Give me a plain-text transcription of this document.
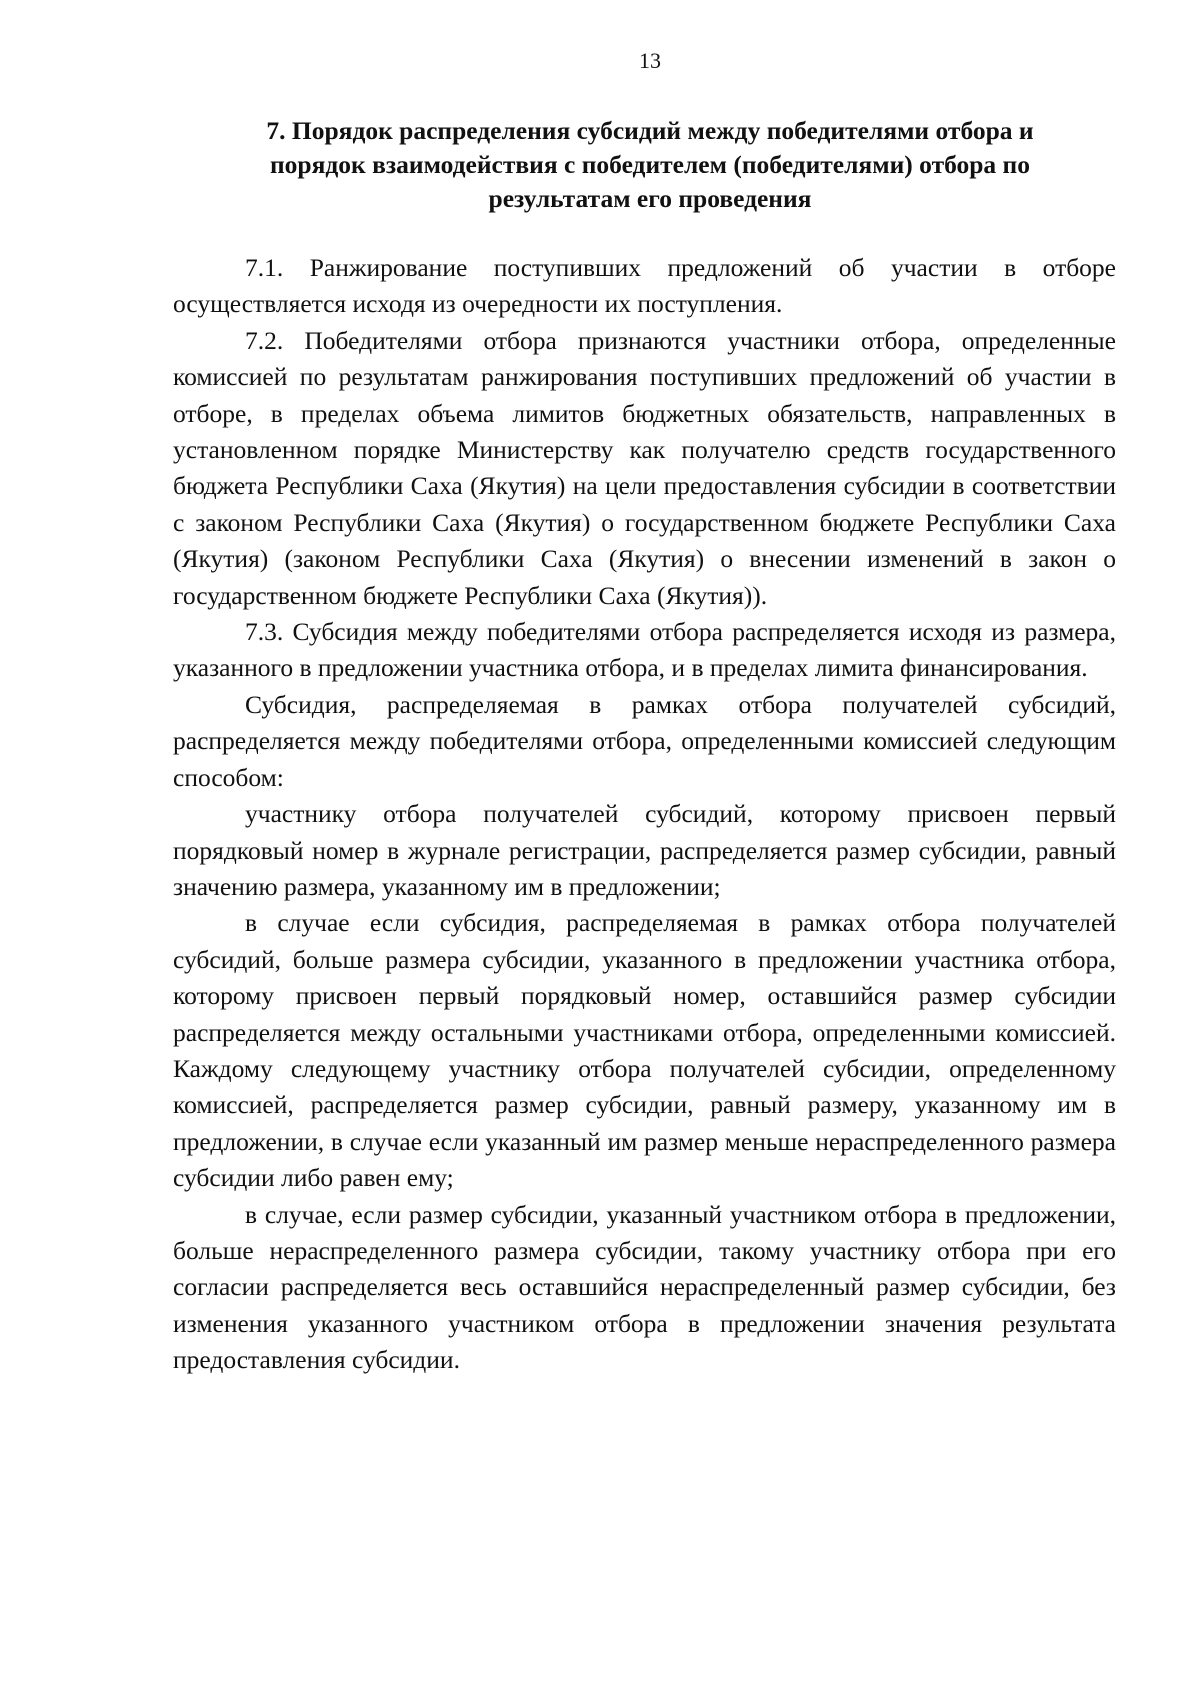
13
7. Порядок распределения субсидий между победителями отбора и
порядок взаимодействия с победителем (победителями) отбора по
результатам его проведения

7.1. Ранжирование поступивших предложений об участии в отборе осуществляется исходя из очередности их поступления.

7.2. Победителями отбора признаются участники отбора, определенные комиссией по результатам ранжирования поступивших предложений об участии в отборе, в пределах объема лимитов бюджетных обязательств, направленных в установленном порядке Министерству как получателю средств государственного бюджета Республики Саха (Якутия) на цели предоставления субсидии в соответствии с законом Республики Саха (Якутия) о государственном бюджете Республики Саха (Якутия) (законом Республики Саха (Якутия) о внесении изменений в закон о государственном бюджете Республики Саха (Якутия)).

7.3. Субсидия между победителями отбора распределяется исходя из размера, указанного в предложении участника отбора, и в пределах лимита финансирования.

Субсидия, распределяемая в рамках отбора получателей субсидий, распределяется между победителями отбора, определенными комиссией следующим способом:

участнику отбора получателей субсидий, которому присвоен первый порядковый номер в журнале регистрации, распределяется размер субсидии, равный значению размера, указанному им в предложении;

в случае если субсидия, распределяемая в рамках отбора получателей субсидий, больше размера субсидии, указанного в предложении участника отбора, которому присвоен первый порядковый номер, оставшийся размер субсидии распределяется между остальными участниками отбора, определенными комиссией. Каждому следующему участнику отбора получателей субсидии, определенному комиссией, распределяется размер субсидии, равный размеру, указанному им в предложении, в случае если указанный им размер меньше нераспределенного размера субсидии либо равен ему;

в случае, если размер субсидии, указанный участником отбора в предложении, больше нераспределенного размера субсидии, такому участнику отбора при его согласии распределяется весь оставшийся нераспределенный размер субсидии, без изменения указанного участником отбора в предложении значения результата предоставления субсидии.
